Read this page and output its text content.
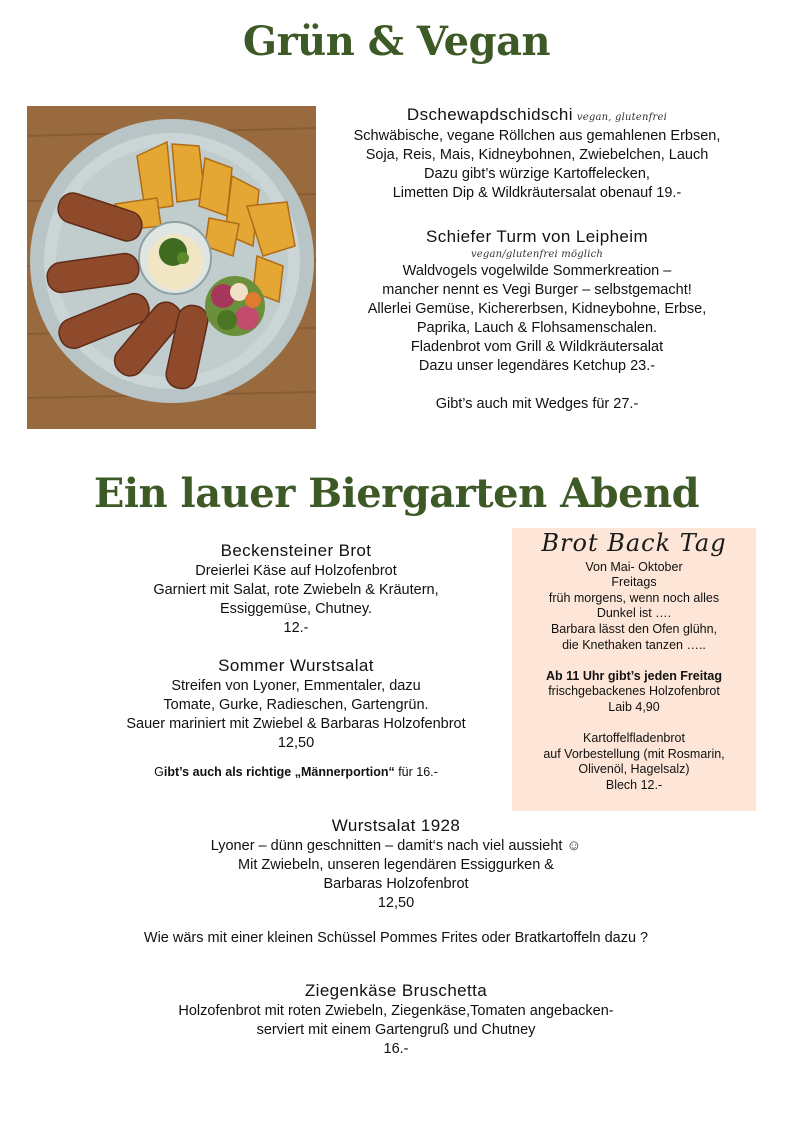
Grün & Vegan
Dschewapdschidschi vegan, glutenfrei
Schwäbische, vegane Röllchen aus gemahlenen Erbsen,
Soja, Reis, Mais, Kidneybohnen, Zwiebelchen, Lauch
Dazu gibt’s würzige Kartoffelecken,
Limetten Dip & Wildkräutersalat obenauf 19.-
Schiefer Turm von Leipheim
vegan/glutenfrei möglich
Waldvogels vogelwilde Sommerkreation –
mancher nennt es Vegi Burger – selbstgemacht!
Allerlei Gemüse, Kichererbsen, Kidneybohne, Erbse,
Paprika, Lauch & Flohsamenschalen.
Fladenbrot vom Grill & Wildkräutersalat
Dazu unser legendäres Ketchup 23.-
Gibt’s auch mit Wedges für 27.-
Ein lauer Biergarten Abend
Beckensteiner Brot
Dreierlei Käse auf Holzofenbrot
Garniert mit Salat, rote Zwiebeln & Kräutern,
Essiggemüse, Chutney.
12.-
Sommer Wurstsalat
Streifen von Lyoner, Emmentaler, dazu
Tomate, Gurke, Radieschen, Gartengrün.
Sauer mariniert mit Zwiebel & Barbaras Holzofenbrot
12,50
Gibt’s auch als richtige „Männerportion“ für 16.-
Brot Back Tag
Von Mai- Oktober
Freitags
früh morgens, wenn noch alles
Dunkel ist ….
Barbara lässt den Ofen glühn,
die Knethaken tanzen …..
Ab 11 Uhr gibt’s jeden Freitag
frischgebackenes Holzofenbrot
Laib 4,90
Kartoffelfladenbrot
auf Vorbestellung (mit Rosmarin,
Olivenöl, Hagelsalz)
Blech 12.-
Wurstsalat 1928
Lyoner – dünn geschnitten – damit‘s nach viel aussieht ☺
Mit Zwiebeln, unseren legendären Essiggurken &
Barbaras Holzofenbrot
12,50
Wie wärs mit einer kleinen Schüssel Pommes Frites oder Bratkartoffeln dazu ?
Ziegenkäse Bruschetta
Holzofenbrot mit roten Zwiebeln, Ziegenkäse,Tomaten angebacken-
serviert mit einem Gartengruß und Chutney
16.-
